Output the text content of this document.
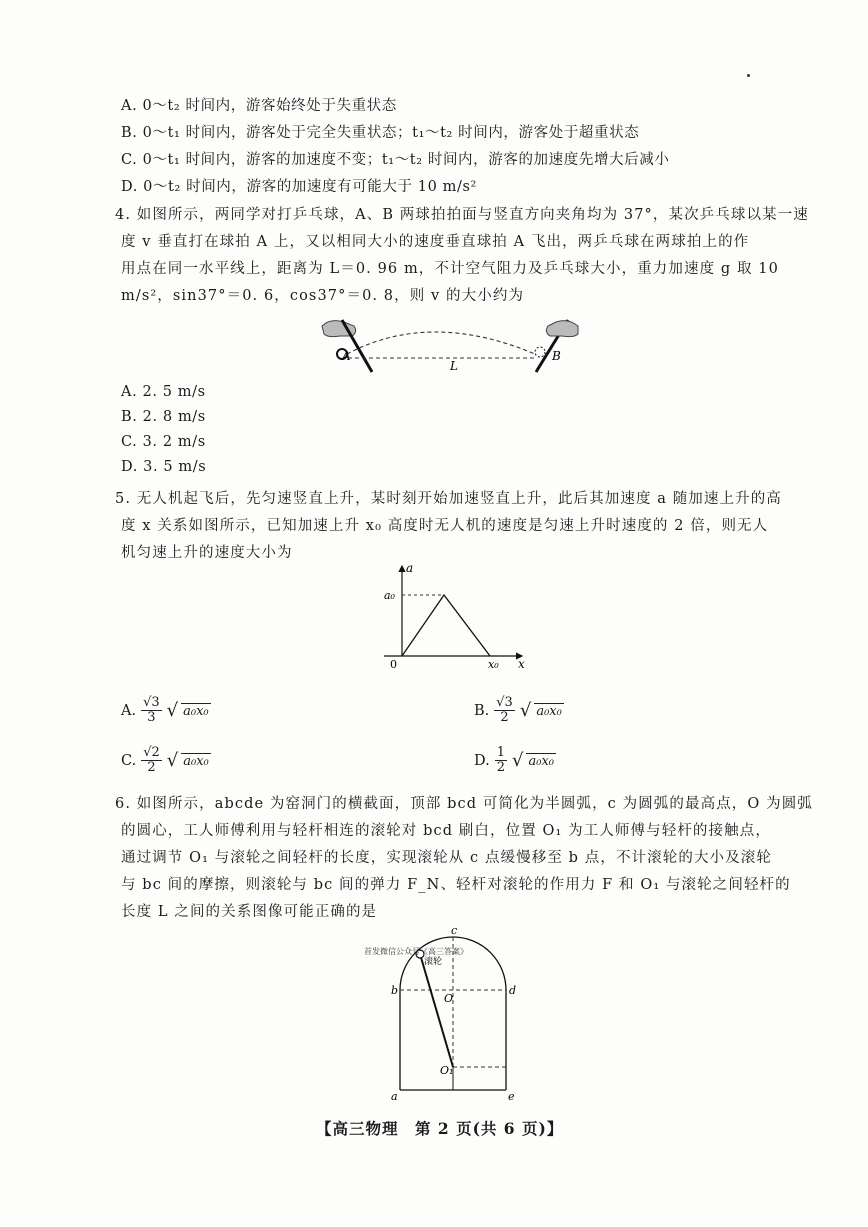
A. 0～t₂ 时间内，游客始终处于失重状态
B. 0～t₁ 时间内，游客处于完全失重状态；t₁～t₂ 时间内，游客处于超重状态
C. 0～t₁ 时间内，游客的加速度不变；t₁～t₂ 时间内，游客的加速度先增大后减小
D. 0～t₂ 时间内，游客的加速度有可能大于 10 m/s²
4. 如图所示，两同学对打乒乓球，A、B 两球拍拍面与竖直方向夹角均为 37°，某次乒乓球以某一速
度 v 垂直打在球拍 A 上，又以相同大小的速度垂直球拍 A 飞出，两乒乓球在两球拍上的作
用点在同一水平线上，距离为 L＝0. 96 m，不计空气阻力及乒乓球大小，重力加速度 g 取 10
m/s²，sin37°＝0. 6，cos37°＝0. 8，则 v 的大小约为
A
L
B
A. 2. 5 m/s
B. 2. 8 m/s
C. 3. 2 m/s
D. 3. 5 m/s
5. 无人机起飞后，先匀速竖直上升，某时刻开始加速竖直上升，此后其加速度 a 随加速上升的高
度 x 关系如图所示，已知加速上升 x₀ 高度时无人机的速度是匀速上升时速度的 2 倍，则无人
机匀速上升的速度大小为
a
x
a₀
x₀
0
A. $\frac{√3}{3}$ √ a₀x₀	B. $\frac{√3}{2}$ √ a₀x₀
C. $\frac{√2}{2}$ √ a₀x₀	D. $\frac{1}{2}$ √ a₀x₀
6. 如图所示，abcde 为窑洞门的横截面，顶部 bcd 可简化为半圆弧，c 为圆弧的最高点，O 为圆弧
的圆心，工人师傅利用与轻杆相连的滚轮对 bcd 刷白，位置 O₁ 为工人师傅与轻杆的接触点，
通过调节 O₁ 与滚轮之间轻杆的长度，实现滚轮从 c 点缓慢移至 b 点，不计滚轮的大小及滚轮
与 bc 间的摩擦，则滚轮与 bc 间的弹力 F_N、轻杆对滚轮的作用力 F 和 O₁ 与滚轮之间轻杆的
长度 L 之间的关系图像可能正确的是
首发微信公众号《高三答案》
滚轮
c
b	d
O
O₁
a	e
【高三物理　第 2 页(共 6 页)】
